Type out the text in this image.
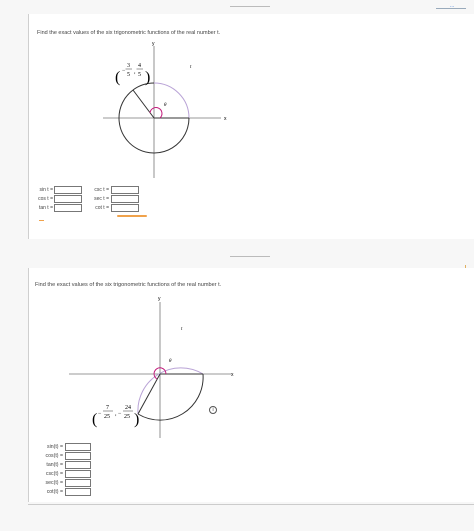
...
Find the exact values of the six trigonometric functions of the real number t.
y
x
t
θ
( −
3
5 ,
4
5 )
sin t =
cos t =
tan t =
csc t =
sec t =
cot t =
Find the exact values of the six trigonometric functions of the real number t.
y
x
t
θ
( −
7
25 , −
24
25 )
i
sin(t) =
cos(t) =
tan(t) =
csc(t) =
sec(t) =
cot(t) =
